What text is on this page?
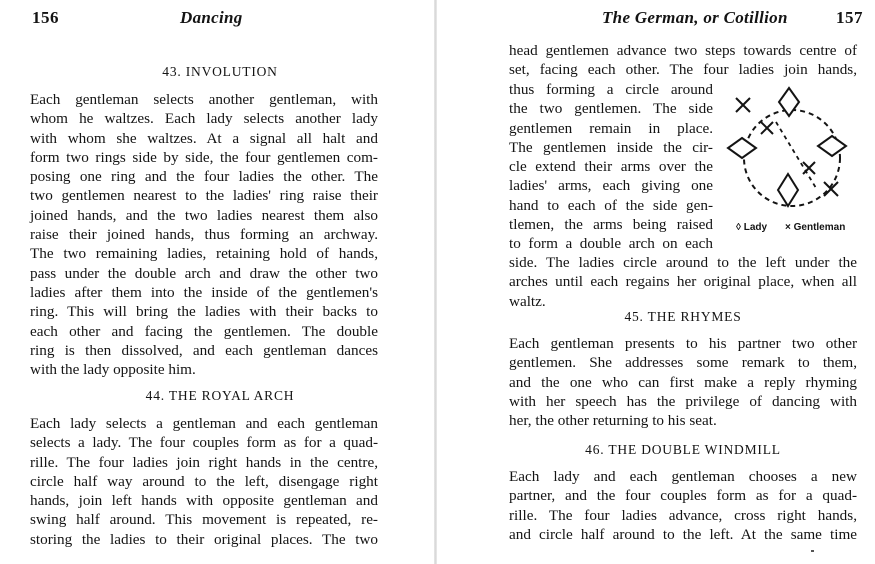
156	Dancing
43. INVOLUTION
Each gentleman selects another gentleman, with
whom he waltzes. Each lady selects another lady
with whom she waltzes. At a signal all halt and
form two rings side by side, the four gentlemen com-
posing one ring and the four ladies the other. The
two gentlemen nearest to the ladies' ring raise their
joined hands, and the two ladies nearest them also
raise their joined hands, thus forming an archway.
The two remaining ladies, retaining hold of hands,
pass under the double arch and draw the other two
ladies after them into the inside of the gentlemen's
ring. This will bring the ladies with their backs to
each other and facing the gentlemen. The double
ring is then dissolved, and each gentleman dances
with the lady opposite him.
44. THE ROYAL ARCH
Each lady selects a gentleman and each gentleman
selects a lady. The four couples form as for a quad-
rille. The four ladies join right hands in the centre,
circle half way around to the left, disengage right
hands, join left hands with opposite gentleman and
swing half around. This movement is repeated, re-
storing the ladies to their original places. The two
The German, or Cotillion	157
head gentlemen advance two steps towards centre of
set, facing each other. The four ladies join hands,
thus forming a circle around
the two gentlemen. The side
gentlemen remain in place.
The gentlemen inside the cir-
cle extend their arms over the
ladies' arms, each giving one
hand to each of the side gen-
tlemen, the arms being raised
to form a double arch on each
side. The ladies circle around to the left under the
arches until each regains her original place, when all
waltz.
◊ Lady × Gentleman
45. THE RHYMES
Each gentleman presents to his partner two other
gentlemen. She addresses some remark to them,
and the one who can first make a reply rhyming
with her speech has the privilege of dancing with
her, the other returning to his seat.
46. THE DOUBLE WINDMILL
Each lady and each gentleman chooses a new
partner, and the four couples form as for a quad-
rille. The four ladies advance, cross right hands,
and circle half around to the left. At the same time
